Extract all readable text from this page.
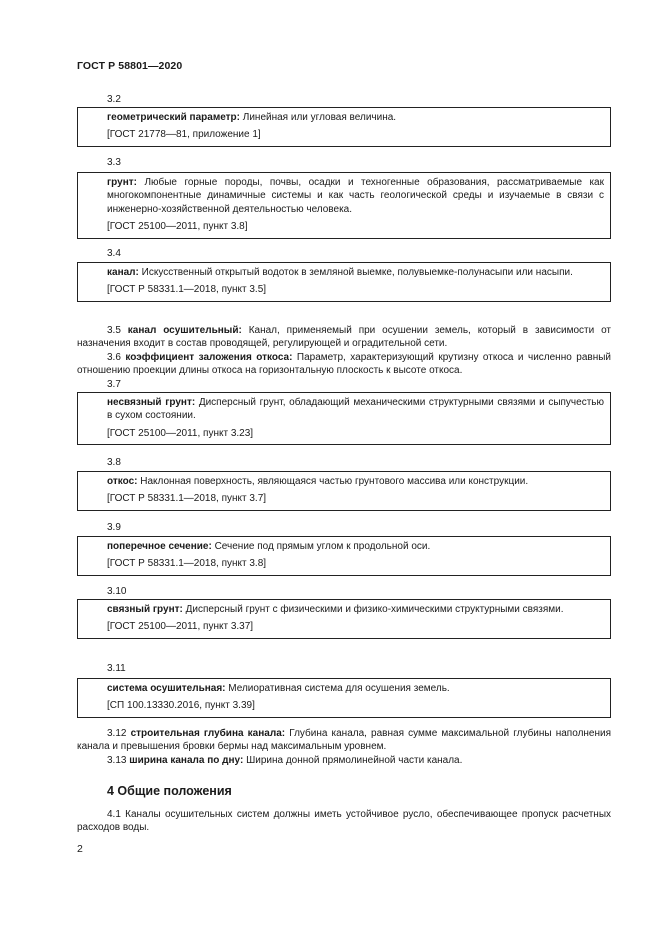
ГОСТ Р 58801—2020
3.2

геометрический параметр: Линейная или угловая величина.

[ГОСТ 21778—81, приложение 1]

3.3

грунт: Любые горные породы, почвы, осадки и техногенные образования, рассматриваемые как многокомпонентные динамичные системы и как часть геологической среды и изучаемые в связи с инженерно-хозяйственной деятельностью человека.

[ГОСТ 25100—2011, пункт 3.8]

3.4

канал: Искусственный открытый водоток в земляной выемке, полувыемке-полунасыпи или насыпи.

[ГОСТ Р 58331.1—2018, пункт 3.5]

3.5 канал осушительный: Канал, применяемый при осушении земель, который в зависимости от назначения входит в состав проводящей, регулирующей и оградительной сети.

3.6 коэффициент заложения откоса: Параметр, характеризующий крутизну откоса и численно равный отношению проекции длины откоса на горизонтальную плоскость к высоте откоса.

3.7

несвязный грунт: Дисперсный грунт, обладающий механическими структурными связями и сыпучестью в сухом состоянии.

[ГОСТ 25100—2011, пункт 3.23]

3.8

откос: Наклонная поверхность, являющаяся частью грунтового массива или конструкции.

[ГОСТ Р 58331.1—2018, пункт 3.7]

3.9

поперечное сечение: Сечение под прямым углом к продольной оси.

[ГОСТ Р 58331.1—2018, пункт 3.8]

3.10

связный грунт: Дисперсный грунт с физическими и физико-химическими структурными связями.

[ГОСТ 25100—2011, пункт 3.37]

3.11

система осушительная: Мелиоративная система для осушения земель.

[СП 100.13330.2016, пункт 3.39]

3.12 строительная глубина канала: Глубина канала, равная сумме максимальной глубины наполнения канала и превышения бровки бермы над максимальным уровнем.

3.13 ширина канала по дну: Ширина донной прямолинейной части канала.

4 Общие положения

4.1 Каналы осушительных систем должны иметь устойчивое русло, обеспечивающее пропуск расчетных расходов воды.

2
